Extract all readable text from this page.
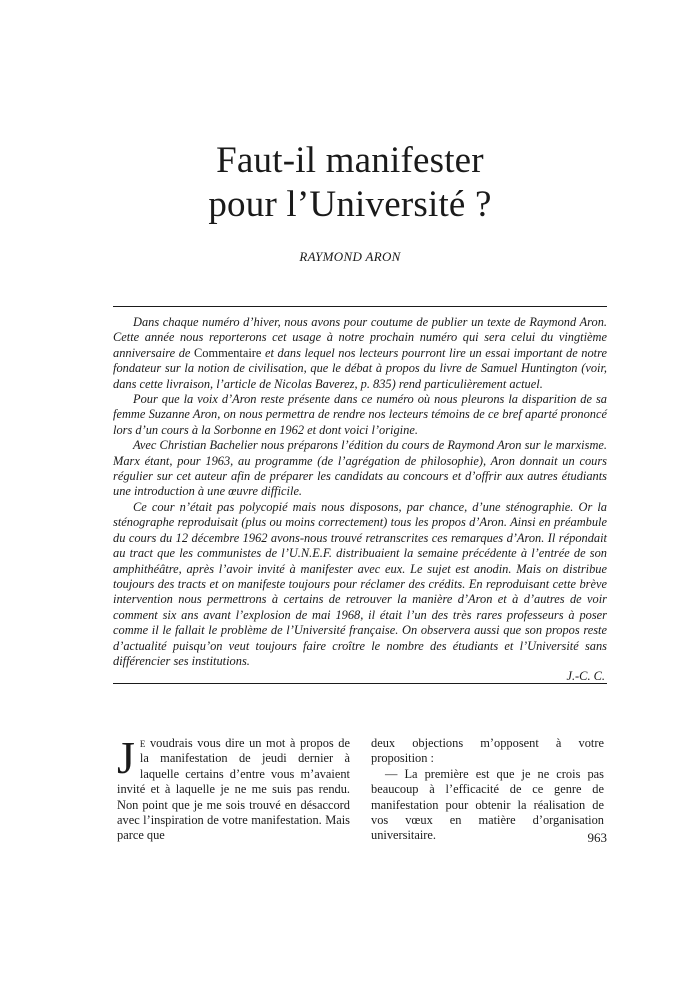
Faut-il manifester
pour l’Université ?
RAYMOND ARON

Dans chaque numéro d’hiver, nous avons pour coutume de publier un texte de Raymond Aron. Cette année nous reporterons cet usage à notre prochain numéro qui sera celui du vingtième anniversaire de Commentaire et dans lequel nos lecteurs pourront lire un essai important de notre fondateur sur la notion de civilisation, que le débat à propos du livre de Samuel Huntington (voir, dans cette livraison, l’article de Nicolas Baverez, p. 835) rend particulièrement actuel.

Pour que la voix d’Aron reste présente dans ce numéro où nous pleurons la disparition de sa femme Suzanne Aron, on nous permettra de rendre nos lecteurs témoins de ce bref aparté prononcé lors d’un cours à la Sorbonne en 1962 et dont voici l’origine.

Avec Christian Bachelier nous préparons l’édition du cours de Raymond Aron sur le marxisme. Marx étant, pour 1963, au programme (de l’agrégation de philosophie), Aron donnait un cours régulier sur cet auteur afin de préparer les candidats au concours et d’offrir aux autres étudiants une introduction à une œuvre difficile.

Ce cour n’était pas polycopié mais nous disposons, par chance, d’une sténographie. Or la sténographe reproduisait (plus ou moins correctement) tous les propos d’Aron. Ainsi en préambule du cours du 12 décembre 1962 avons-nous trouvé retranscrites ces remarques d’Aron. Il répondait au tract que les communistes de l’U.N.E.F. distribuaient la semaine précédente à l’entrée de son amphithéâtre, après l’avoir invité à manifester avec eux. Le sujet est anodin. Mais on distribue toujours des tracts et on manifeste toujours pour réclamer des crédits. En reproduisant cette brève intervention nous permettrons à certains de retrouver la manière d’Aron et à d’autres de voir comment six ans avant l’explosion de mai 1968, il était l’un des très rares professeurs à poser comme il le fallait le problème de l’Université française. On observera aussi que son propos reste d’actualité puisqu’on veut toujours faire croître le nombre des étudiants et l’Université sans différencier ses institutions.

J.-C. C.

Je voudrais vous dire un mot à propos de la manifestation de jeudi dernier à laquelle certains d’entre vous m’avaient invité et à laquelle je ne me suis pas rendu. Non point que je me sois trouvé en désaccord avec l’inspiration de votre manifestation. Mais parce que

deux objections m’opposent à votre proposition :

— La première est que je ne crois pas beaucoup à l’efficacité de ce genre de manifestation pour obtenir la réalisation de vos vœux en matière d’organisation universitaire.	963
